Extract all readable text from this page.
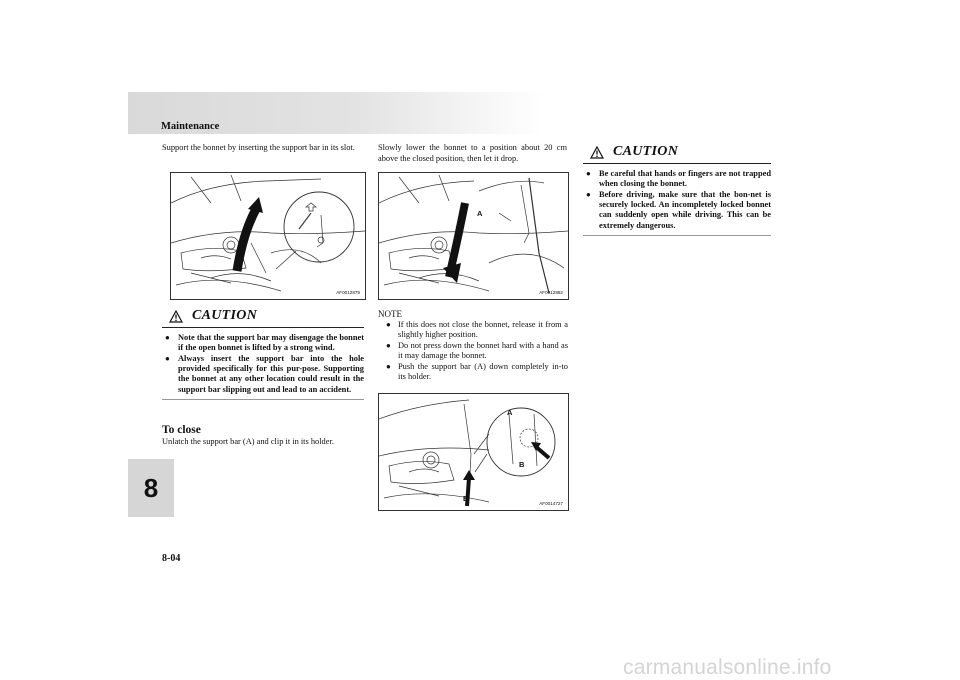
Maintenance
8
8-04
carmanualsonline.info
Support the bonnet by inserting the support bar in its slot.
AF0012879
CAUTION
● Note that the support bar may disengage the bonnet if the open bonnet is lifted by a strong wind.
● Always insert the support bar into the hole provided specifically for this pur-pose. Supporting the bonnet at any other location could result in the support bar slipping out and lead to an accident.
To close
Unlatch the support bar (A) and clip it in its holder.
Slowly lower the bonnet to a position about 20 cm above the closed position, then let it drop.
A
AF0012882
NOTE
● If this does not close the bonnet, release it from a slightly higher position.
● Do not press down the bonnet hard with a hand as it may damage the bonnet.
● Push the support bar (A) down completely in-to its holder.
A
B
B
AF0014727
CAUTION
● Be careful that hands or fingers are not trapped when closing the bonnet.
● Before driving, make sure that the bon-net is securely locked. An incompletely locked bonnet can suddenly open while driving. This can be extremely dangerous.
